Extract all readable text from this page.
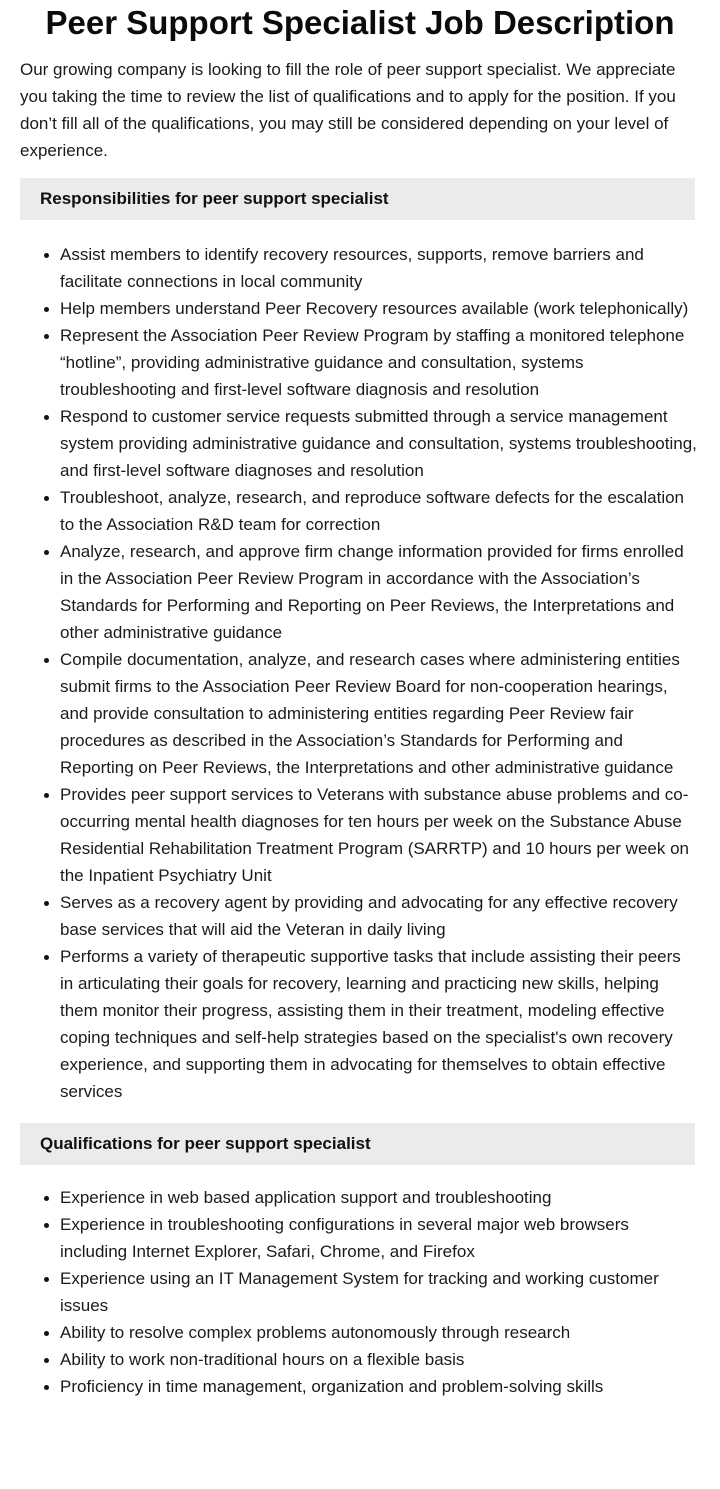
Peer Support Specialist Job Description

Our growing company is looking to fill the role of peer support specialist. We appreciate you taking the time to review the list of qualifications and to apply for the position. If you don’t fill all of the qualifications, you may still be considered depending on your level of experience.

Responsibilities for peer support specialist
Assist members to identify recovery resources, supports, remove barriers and facilitate connections in local community
Help members understand Peer Recovery resources available (work telephonically)
Represent the Association Peer Review Program by staffing a monitored telephone “hotline”, providing administrative guidance and consultation, systems troubleshooting and first-level software diagnosis and resolution
Respond to customer service requests submitted through a service management system providing administrative guidance and consultation, systems troubleshooting, and first-level software diagnoses and resolution
Troubleshoot, analyze, research, and reproduce software defects for the escalation to the Association R&D team for correction
Analyze, research, and approve firm change information provided for firms enrolled in the Association Peer Review Program in accordance with the Association’s Standards for Performing and Reporting on Peer Reviews, the Interpretations and other administrative guidance
Compile documentation, analyze, and research cases where administering entities submit firms to the Association Peer Review Board for non-cooperation hearings, and provide consultation to administering entities regarding Peer Review fair procedures as described in the Association’s Standards for Performing and Reporting on Peer Reviews, the Interpretations and other administrative guidance
Provides peer support services to Veterans with substance abuse problems and co-occurring mental health diagnoses for ten hours per week on the Substance Abuse Residential Rehabilitation Treatment Program (SARRTP) and 10 hours per week on the Inpatient Psychiatry Unit
Serves as a recovery agent by providing and advocating for any effective recovery base services that will aid the Veteran in daily living
Performs a variety of therapeutic supportive tasks that include assisting their peers in articulating their goals for recovery, learning and practicing new skills, helping them monitor their progress, assisting them in their treatment, modeling effective coping techniques and self-help strategies based on the specialist's own recovery experience, and supporting them in advocating for themselves to obtain effective services
Qualifications for peer support specialist
Experience in web based application support and troubleshooting
Experience in troubleshooting configurations in several major web browsers including Internet Explorer, Safari, Chrome, and Firefox
Experience using an IT Management System for tracking and working customer issues
Ability to resolve complex problems autonomously through research
Ability to work non-traditional hours on a flexible basis
Proficiency in time management, organization and problem-solving skills
